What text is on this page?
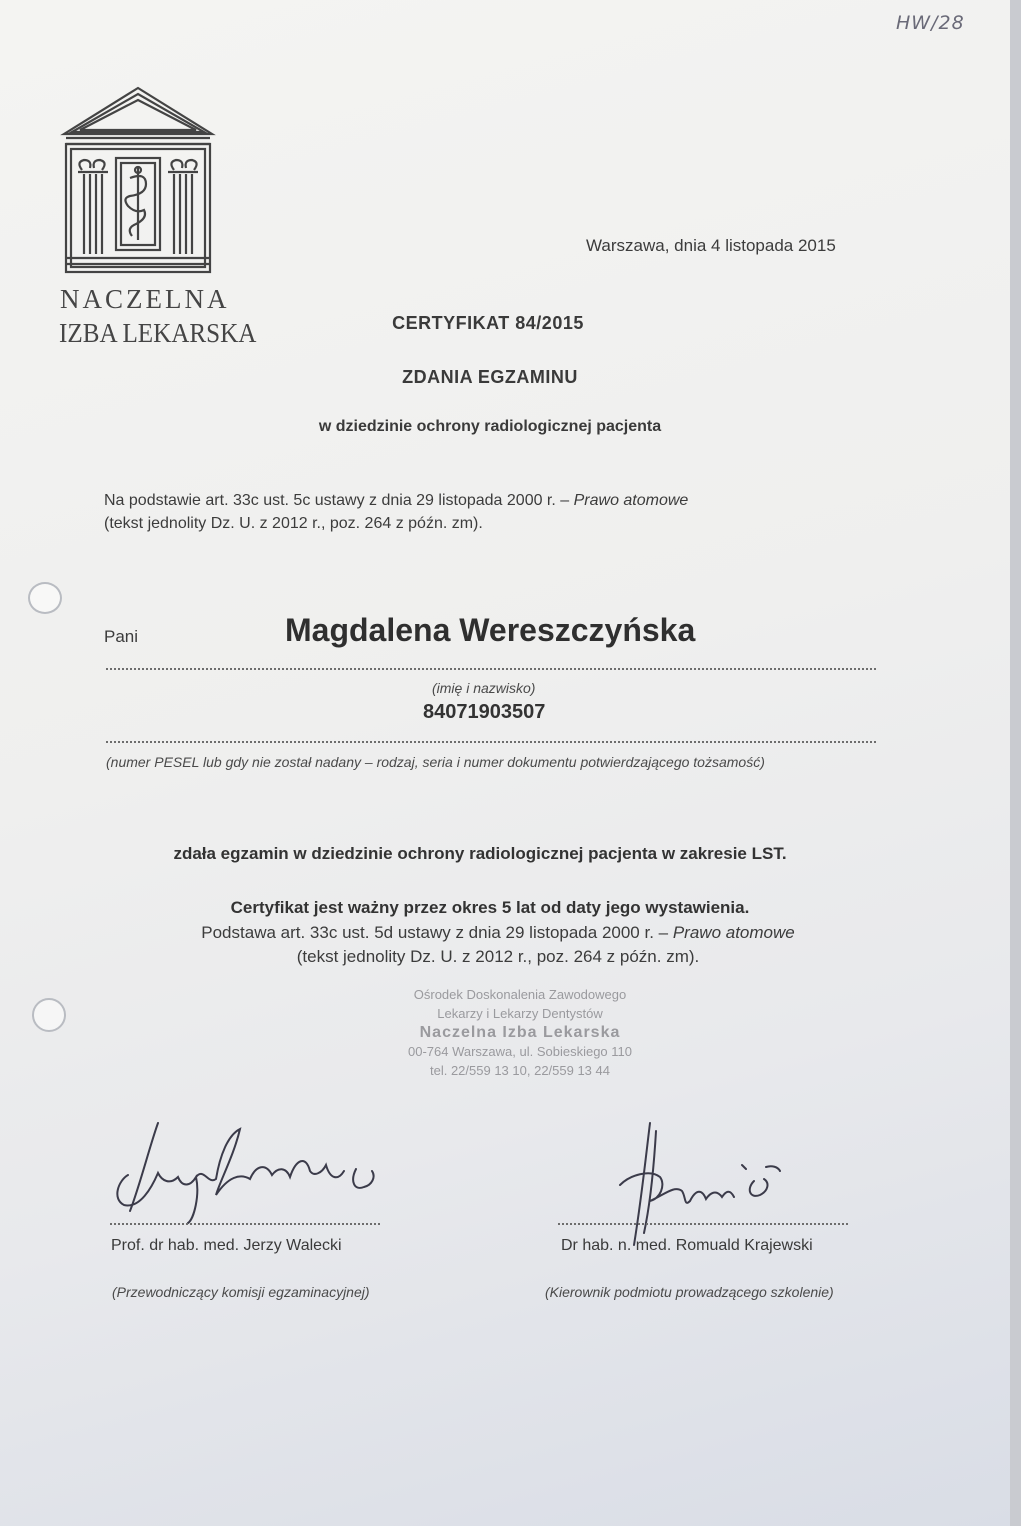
HW/28
NACZELNA
IZBA LEKARSKA
Warszawa, dnia 4 listopada 2015
CERTYFIKAT 84/2015
ZDANIA EGZAMINU
w dziedzinie ochrony radiologicznej pacjenta
Na podstawie art. 33c ust. 5c ustawy z dnia 29 listopada 2000 r. – Prawo atomowe
(tekst jednolity Dz. U. z 2012 r., poz. 264 z późn. zm).
Pani	Magdalena Wereszczyńska
(imię i nazwisko)
84071903507
(numer PESEL lub gdy nie został nadany – rodzaj, seria i numer dokumentu potwierdzającego tożsamość)
zdała egzamin w dziedzinie ochrony radiologicznej pacjenta w zakresie LST.
Certyfikat jest ważny przez okres 5 lat od daty jego wystawienia.
Podstawa art. 33c ust. 5d ustawy z dnia 29 listopada 2000 r. – Prawo atomowe
(tekst jednolity Dz. U. z 2012 r., poz. 264 z późn. zm).
Ośrodek Doskonalenia Zawodowego
Lekarzy i Lekarzy Dentystów
Naczelna Izba Lekarska
00-764 Warszawa, ul. Sobieskiego 110
tel. 22/559 13 10, 22/559 13 44
Prof. dr hab. med. Jerzy Walecki
(Przewodniczący komisji egzaminacyjnej)
Dr hab. n. med. Romuald Krajewski
(Kierownik podmiotu prowadzącego szkolenie)
